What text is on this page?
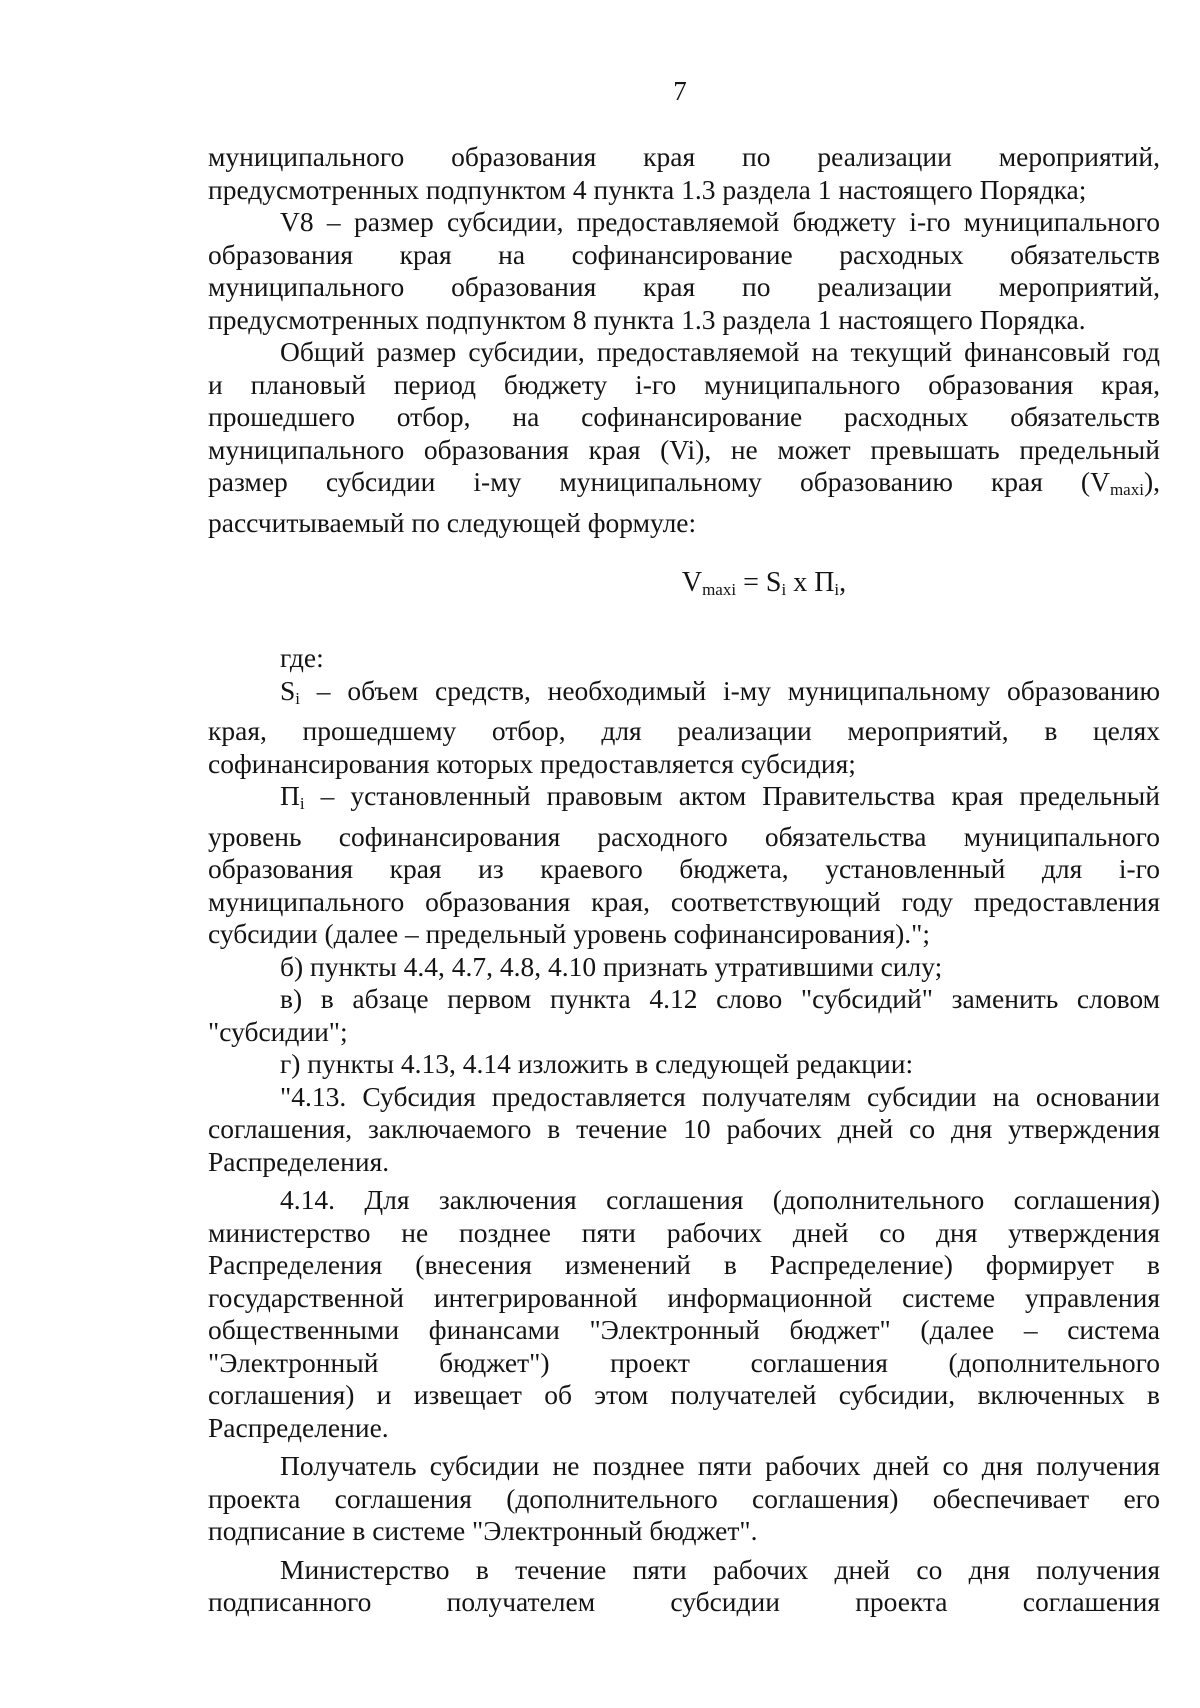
7
муниципального образования края по реализации мероприятий,
предусмотренных подпунктом 4 пункта 1.3 раздела 1 настоящего Порядка;
V8 – размер субсидии, предоставляемой бюджету i-го муниципального
образования края на софинансирование расходных обязательств
муниципального образования края по реализации мероприятий,
предусмотренных подпунктом 8 пункта 1.3 раздела 1 настоящего Порядка.
Общий размер субсидии, предоставляемой на текущий финансовый год
и плановый период бюджету i-го муниципального образования края,
прошедшего отбор, на софинансирование расходных обязательств
муниципального образования края (Vi), не может превышать предельный
размер субсидии i-му муниципальному образованию края $(V_{maxi})$,
рассчитываемый по следующей формуле:
$V_{maxi} = S_i$ x $П_i$,
где:
$S_i$ – объем средств, необходимый i-му муниципальному образованию
края, прошедшему отбор, для реализации мероприятий, в целях
софинансирования которых предоставляется субсидия;
$П_i$ – установленный правовым актом Правительства края предельный
уровень софинансирования расходного обязательства муниципального
образования края из краевого бюджета, установленный для i-го
муниципального образования края, соответствующий году предоставления
субсидии (далее – предельный уровень софинансирования).";
б) пункты 4.4, 4.7, 4.8, 4.10 признать утратившими силу;
в) в абзаце первом пункта 4.12 слово "субсидий" заменить словом
"субсидии";
г) пункты 4.13, 4.14 изложить в следующей редакции:
"4.13. Субсидия предоставляется получателям субсидии на основании
соглашения, заключаемого в течение 10 рабочих дней со дня утверждения
Распределения.
4.14. Для заключения соглашения (дополнительного соглашения)
министерство не позднее пяти рабочих дней со дня утверждения
Распределения (внесения изменений в Распределение) формирует в
государственной интегрированной информационной системе управления
общественными финансами "Электронный бюджет" (далее – система
"Электронный бюджет") проект соглашения (дополнительного
соглашения) и извещает об этом получателей субсидии, включенных в
Распределение.
Получатель субсидии не позднее пяти рабочих дней со дня получения
проекта соглашения (дополнительного соглашения) обеспечивает его
подписание в системе "Электронный бюджет".
Министерство в течение пяти рабочих дней со дня получения
подписанного получателем субсидии проекта соглашения
